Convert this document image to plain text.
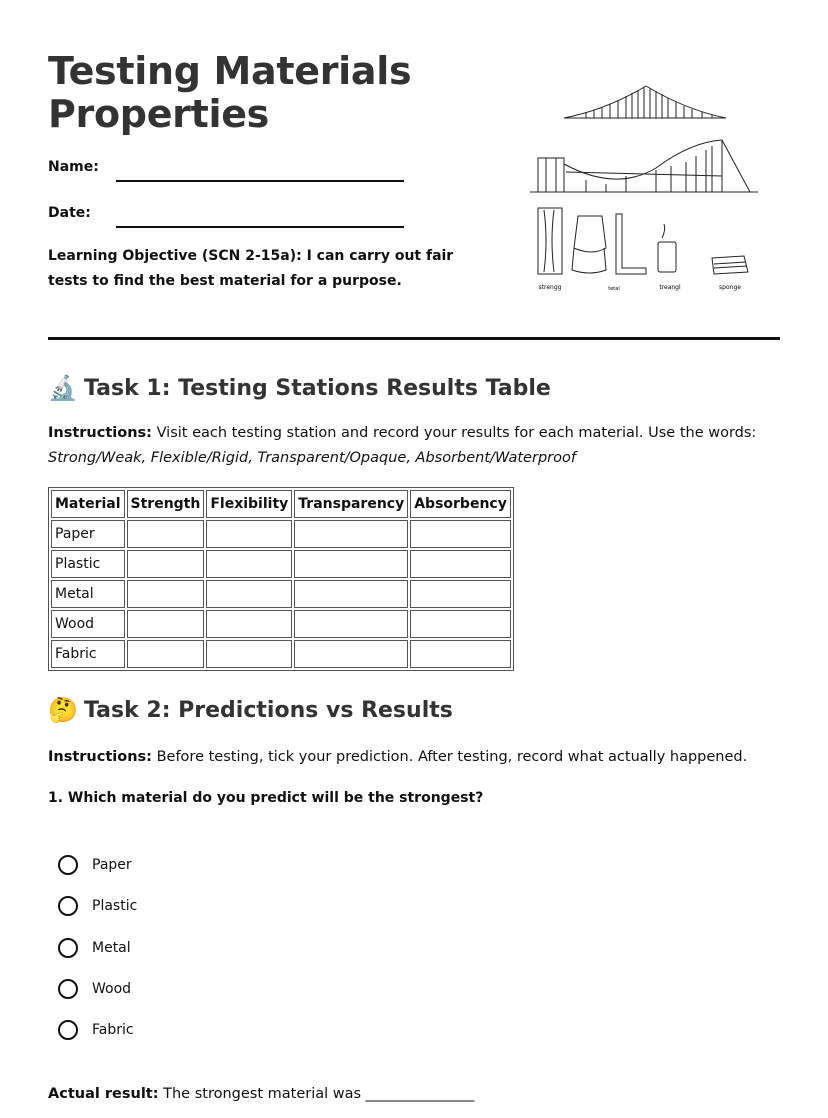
Testing Materials Properties
Name:
Date:
Learning Objective (SCN 2-15a): I can carry out fair tests to find the best material for a purpose.	strengg	tetal	treangl	sponge
🔬 Task 1: Testing Stations Results Table
Instructions: Visit each testing station and record your results for each material. Use the words:
Strong/Weak, Flexible/Rigid, Transparent/Opaque, Absorbent/Waterproof
Material	Strength	Flexibility	Transparency	Absorbency
Paper				
Plastic				
Metal				
Wood				
Fabric				
🤔 Task 2: Predictions vs Results
Instructions: Before testing, tick your prediction. After testing, record what actually happened.
1. Which material do you predict will be the strongest?
Paper
Plastic
Metal
Wood
Fabric
Actual result: The strongest material was _______________
